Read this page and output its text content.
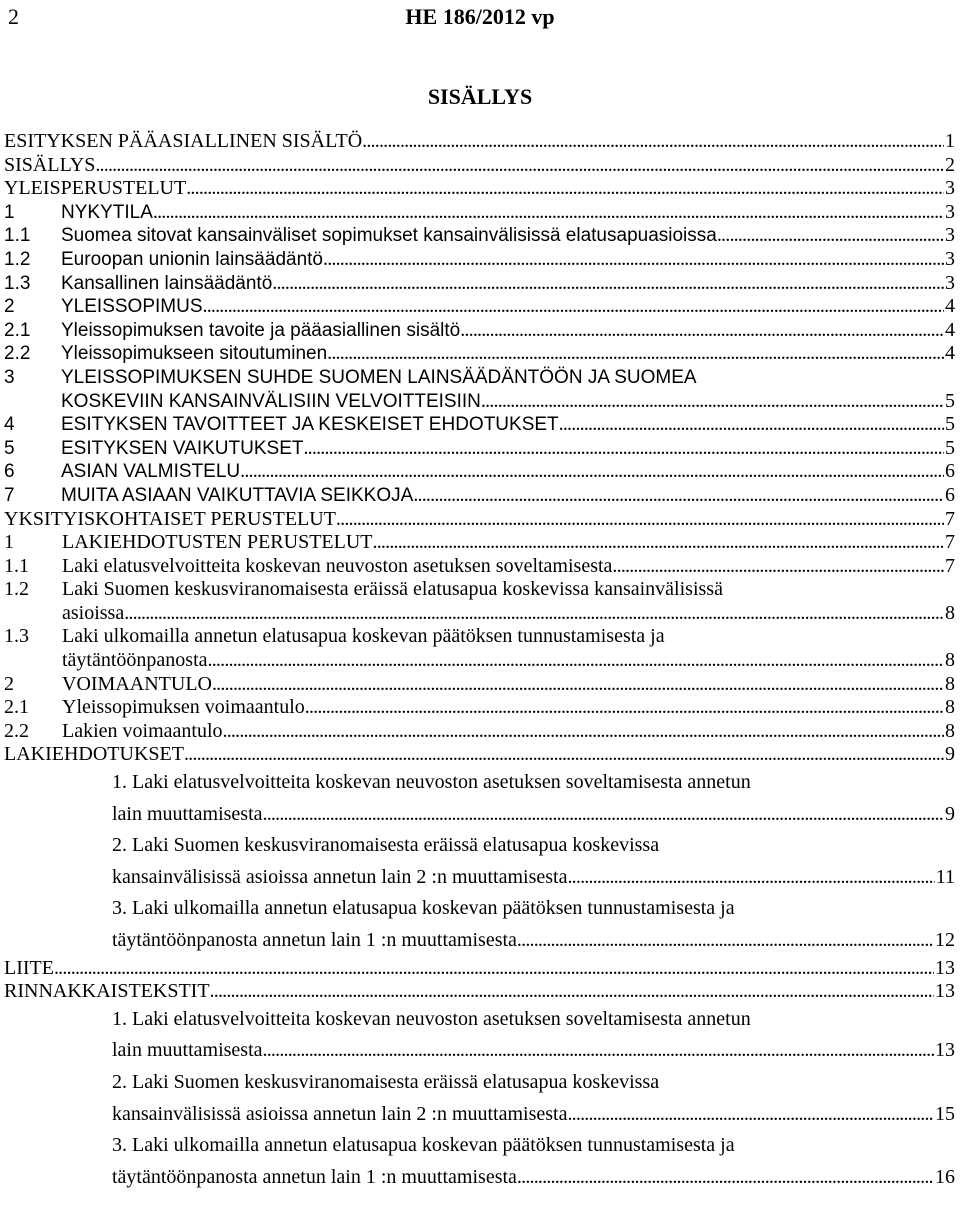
2	HE 186/2012 vp
SISÄLLYS
ESITYKSEN PÄÄASIALLINEN SISÄLTÖ . . .	1
SISÄLLYS . . .	2
YLEISPERUSTELUT . . .	3
1 NYKYTILA . . .	3
1.1 Suomea sitovat kansainväliset sopimukset kansainvälisissä elatusapuasioissa . . .	3
1.2 Euroopan unionin lainsäädäntö . . .	3
1.3 Kansallinen lainsäädäntö . . .	3
2 YLEISSOPIMUS . . .	4
2.1 Yleissopimuksen tavoite ja pääasiallinen sisältö . . .	4
2.2 Yleissopimukseen sitoutuminen . . .	4
3	YLEISSOPIMUKSEN SUHDE SUOMEN LAINSÄÄDÄNTÖÖN JA SUOMEA
KOSKEVIIN KANSAINVÄLISIIN VELVOITTEISIIN . . .	5
4 ESITYKSEN TAVOITTEET JA KESKEISET EHDOTUKSET . . .	5
5 ESITYKSEN VAIKUTUKSET . . .	5
6 ASIAN VALMISTELU . . .	6
7 MUITA ASIAAN VAIKUTTAVIA SEIKKOJA . . .	6
YKSITYISKOHTAISET PERUSTELUT . . .	7
1 LAKIEHDOTUSTEN PERUSTELUT . . .	7
1.1 Laki elatusvelvoitteita koskevan neuvoston asetuksen soveltamisesta . . .	7
1.2	Laki Suomen keskusviranomaisesta eräissä elatusapua koskevissa kansainvälisissä
asioissa . . .	8
1.3	Laki ulkomailla annetun elatusapua koskevan päätöksen tunnustamisesta ja
täytäntöönpanosta . . .	8
2 VOIMAANTULO . . .	8
2.1 Yleissopimuksen voimaantulo . . .	8
2.2 Lakien voimaantulo . . .	8
LAKIEHDOTUKSET . . .	9
1. Laki elatusvelvoitteita koskevan neuvoston asetuksen soveltamisesta annetun
lain muuttamisesta . . .	9
2. Laki Suomen keskusviranomaisesta eräissä elatusapua koskevissa
kansainvälisissä asioissa annetun lain 2 :n muuttamisesta . . .	11
3. Laki ulkomailla annetun elatusapua koskevan päätöksen tunnustamisesta ja
täytäntöönpanosta annetun lain 1 :n muuttamisesta . . .	12
LIITE . . .	13
RINNAKKAISTEKSTIT . . .	13
1. Laki elatusvelvoitteita koskevan neuvoston asetuksen soveltamisesta annetun
lain muuttamisesta . . .	13
2. Laki Suomen keskusviranomaisesta eräissä elatusapua koskevissa
kansainvälisissä asioissa annetun lain 2 :n muuttamisesta . . .	15
3. Laki ulkomailla annetun elatusapua koskevan päätöksen tunnustamisesta ja
täytäntöönpanosta annetun lain 1 :n muuttamisesta . . .	16
